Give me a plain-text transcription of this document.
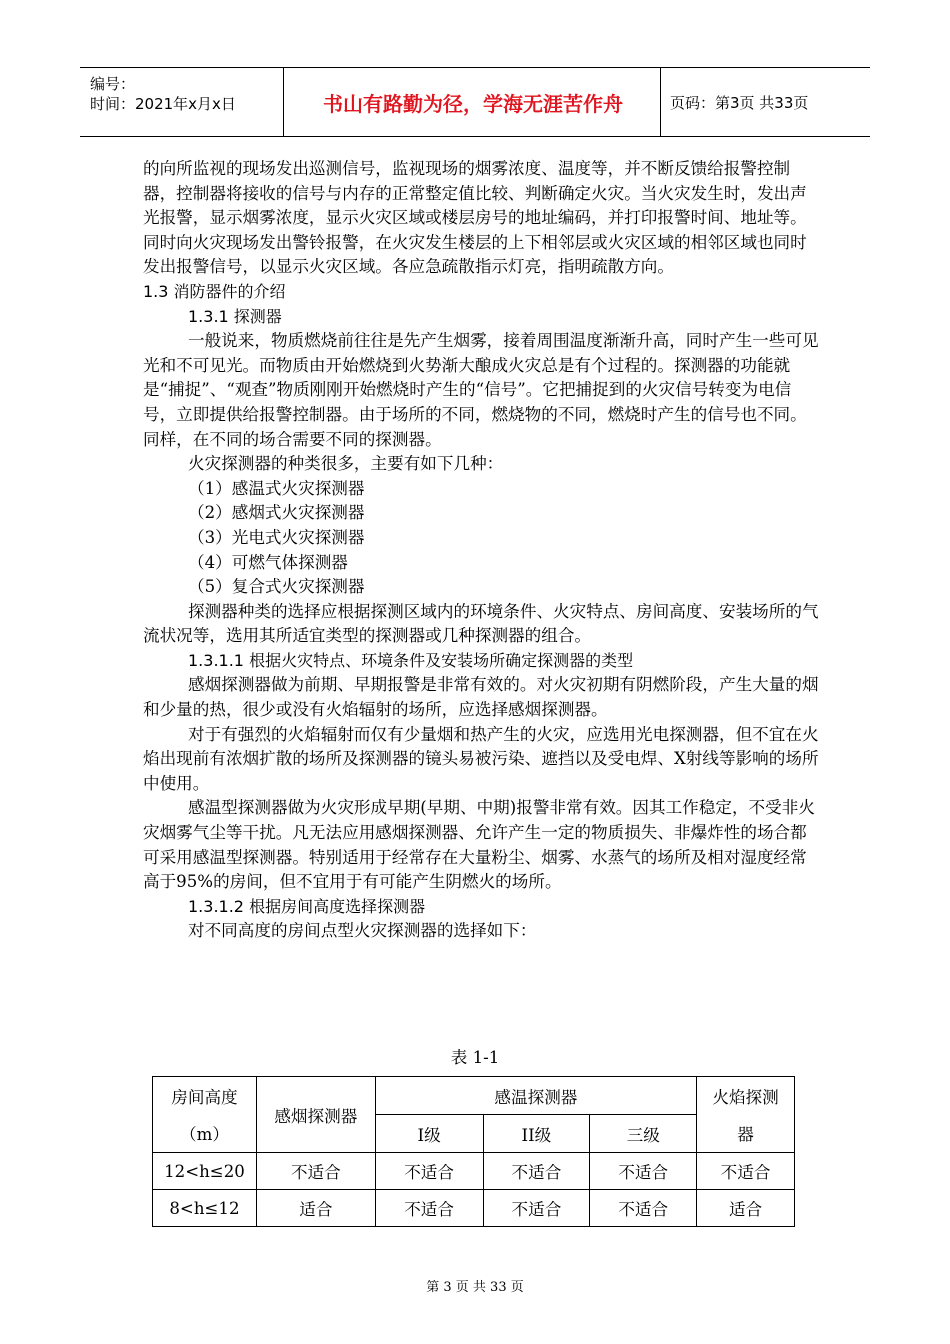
编号：
时间：2021年x月x日	书山有路勤为径，学海无涯苦作舟	页码：第3页 共33页

的向所监视的现场发出巡测信号，监视现场的烟雾浓度、温度等，并不断反馈给报警控制器，控制器将接收的信号与内存的正常整定值比较、判断确定火灾。当火灾发生时，发出声光报警，显示烟雾浓度，显示火灾区域或楼层房号的地址编码，并打印报警时间、地址等。同时向火灾现场发出警铃报警，在火灾发生楼层的上下相邻层或火灾区域的相邻区域也同时发出报警信号，以显示火灾区域。各应急疏散指示灯亮，指明疏散方向。

1.3 消防器件的介绍

1.3.1 探测器

一般说来，物质燃烧前往往是先产生烟雾，接着周围温度渐渐升高，同时产生一些可见光和不可见光。而物质由开始燃烧到火势渐大酿成火灾总是有个过程的。探测器的功能就是“捕捉”、“观查”物质刚刚开始燃烧时产生的“信号”。它把捕捉到的火灾信号转变为电信号，立即提供给报警控制器。由于场所的不同，燃烧物的不同，燃烧时产生的信号也不同。同样，在不同的场合需要不同的探测器。

火灾探测器的种类很多，主要有如下几种：

（1）感温式火灾探测器

（2）感烟式火灾探测器

（3）光电式火灾探测器

（4）可燃气体探测器

（5）复合式火灾探测器

探测器种类的选择应根据探测区域内的环境条件、火灾特点、房间高度、安装场所的气流状况等，选用其所适宜类型的探测器或几种探测器的组合。

1.3.1.1 根据火灾特点、环境条件及安装场所确定探测器的类型

感烟探测器做为前期、早期报警是非常有效的。对火灾初期有阴燃阶段，产生大量的烟和少量的热，很少或没有火焰辐射的场所，应选择感烟探测器。

对于有强烈的火焰辐射而仅有少量烟和热产生的火灾，应选用光电探测器，但不宜在火焰出现前有浓烟扩散的场所及探测器的镜头易被污染、遮挡以及受电焊、X射线等影响的场所中使用。

感温型探测器做为火灾形成早期(早期、中期)报警非常有效。因其工作稳定，不受非火灾烟雾气尘等干扰。凡无法应用感烟探测器、允许产生一定的物质损失、非爆炸性的场合都可采用感温型探测器。特别适用于经常存在大量粉尘、烟雾、水蒸气的场所及相对湿度经常高于95%的房间，但不宜用于有可能产生阴燃火的场所。

1.3.1.2 根据房间高度选择探测器

对不同高度的房间点型火灾探测器的选择如下：

表 1-1
房间高度	感烟探测器	感温探测器			火焰探测
（m）		I级	II级	三级	器
12<h≤20	不适合	不适合	不适合	不适合	不适合
8<h≤12	适合	不适合	不适合	不适合	适合
第 3 页 共 33 页
